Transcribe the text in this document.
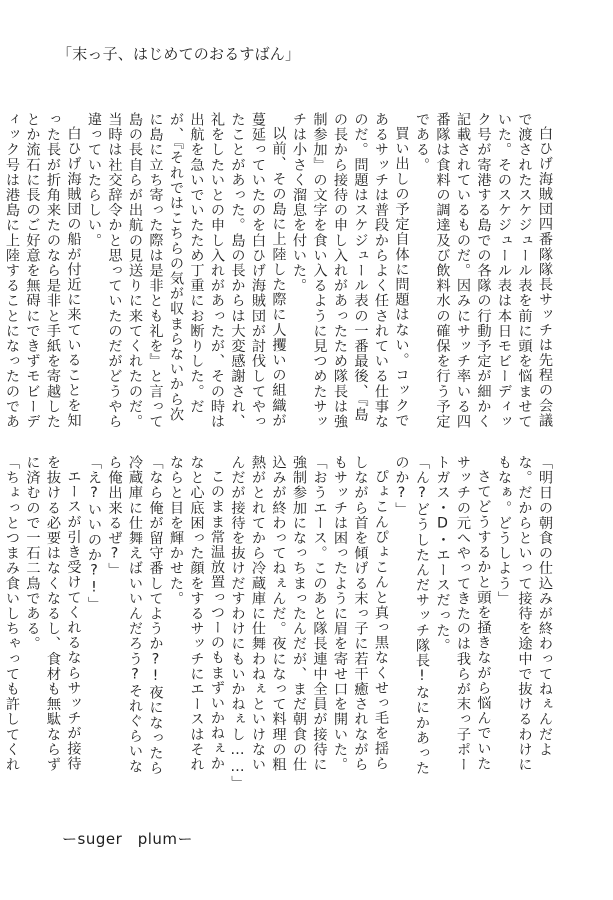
「末っ子、はじめてのおるすばん」

白ひげ海賊団四番隊隊長サッチは先程の会議で渡されたスケジュール表を前に頭を悩ませていた。そのスケジュール表は本日モビーディック号が寄港する島での各隊の行動予定が細かく記載されているものだ。因みにサッチ率いる四番隊は食料の調達及び飲料水の確保を行う予定である。

買い出しの予定自体に問題はない。コックであるサッチは普段からよく任されている仕事なのだ。問題はスケジュール表の一番最後、『島の長から接待の申し入れがあったため隊長は強制参加』の文字を食い入るように見つめたサッチは小さく溜息を付いた。

以前、その島に上陸した際に人攫いの組織が蔓延っていたのを白ひげ海賊団が討伐してやったことがあった。島の長からは大変感謝され、礼をしたいとの申し入れがあったが、その時は出航を急いでいたため丁重にお断りした。だが、『それではこちらの気が収まらないから次に島に立ち寄った際は是非とも礼を』と言って島の長自らが出航の見送りに来てくれたのだ。当時は社交辞令かと思っていたのだがどうやら違っていたらしい。

白ひげ海賊団の船が付近に来ていることを知った長が折角来たのなら是非と手紙を寄越したとか流石に長のご好意を無碍にできずモビーディック号は港島に上陸することになったのであ

「明日の朝食の仕込みが終わってねぇんだよな。だからといって接待を途中で抜けるわけにもなぁ。どうしよう」

さてどうするかと頭を掻きながら悩んでいたサッチの元へやってきたのは我らが末っ子ポートガス・D・エースだった。

「ん?どうしたんだサッチ隊長!なにかあったのか?」

ぴょこんぴょこんと真っ黒なくせっ毛を揺らしながら首を傾げる末っ子に若干癒されながらもサッチは困ったように眉を寄せ口を開いた。

「おうエース。このあと隊長連中全員が接待に強制参加になっちまったんだが、まだ朝食の仕込みが終わってねぇんだ。夜になって料理の粗熱がとれてから冷蔵庫に仕舞わねぇといけないんだが接待を抜けだすわけにもいかねぇし……」

このまま常温放置っつーのもまずいかねぇかなと心底困った顔をするサッチにエースはそれならと目を輝かせた。

「なら俺が留守番してようか?!夜になったら冷蔵庫に仕舞えばいいんだろう?それぐらいなら俺出来るぜ?」

「え?いいのか?!」

エースが引き受けてくれるならサッチが接待を抜ける必要はなくなるし、食材も無駄ならずに済むので一石二鳥である。

「ちょっとつまみ食いしちゃっても許してくれ

ーsuger　plumー
